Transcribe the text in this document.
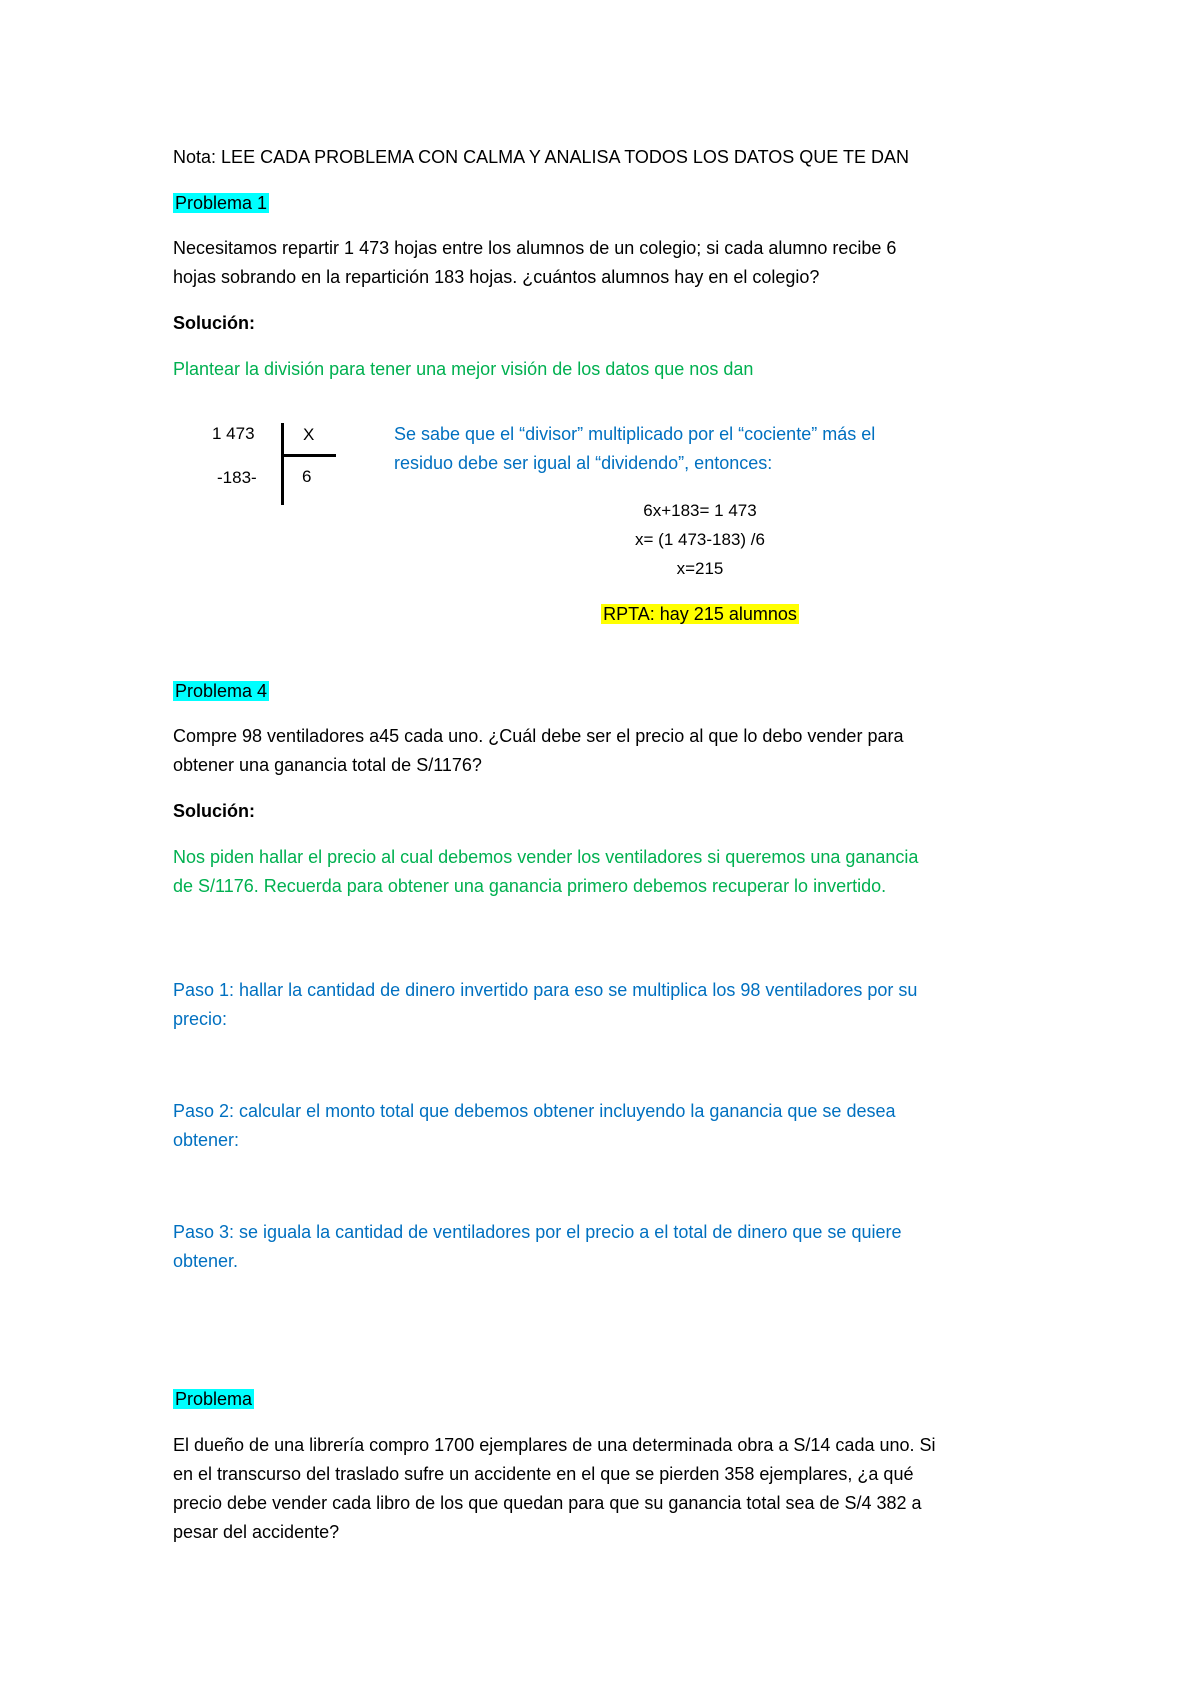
Nota: LEE CADA PROBLEMA CON CALMA Y ANALISA TODOS LOS DATOS QUE TE DAN
Problema 1
Necesitamos repartir 1 473 hojas entre los alumnos de un colegio; si cada alumno recibe 6
hojas sobrando en la repartición 183 hojas. ¿cuántos alumnos hay en el colegio?
Solución:
Plantear la división para tener una mejor visión de los datos que nos dan
1 473
-183-
X
6
Se sabe que el “divisor” multiplicado por el “cociente” más el
residuo debe ser igual al “dividendo”, entonces:
6x+183= 1 473
x= (1 473-183) /6
x=215
RPTA: hay 215 alumnos
Problema 4
Compre 98 ventiladores a45 cada uno. ¿Cuál debe ser el precio al que lo debo vender para
obtener una ganancia total de S/1176?
Solución:
Nos piden hallar el precio al cual debemos vender los ventiladores si queremos una ganancia
de S/1176. Recuerda para obtener una ganancia primero debemos recuperar lo invertido.
Paso 1: hallar la cantidad de dinero invertido para eso se multiplica los 98 ventiladores por su
precio:
Paso 2: calcular el monto total que debemos obtener incluyendo la ganancia que se desea
obtener:
Paso 3: se iguala la cantidad de ventiladores por el precio a el total de dinero que se quiere
obtener.
Problema
El dueño de una librería compro 1700 ejemplares de una determinada obra a S/14 cada uno. Si
en el transcurso del traslado sufre un accidente en el que se pierden 358 ejemplares, ¿a qué
precio debe vender cada libro de los que quedan para que su ganancia total sea de S/4 382 a
pesar del accidente?
